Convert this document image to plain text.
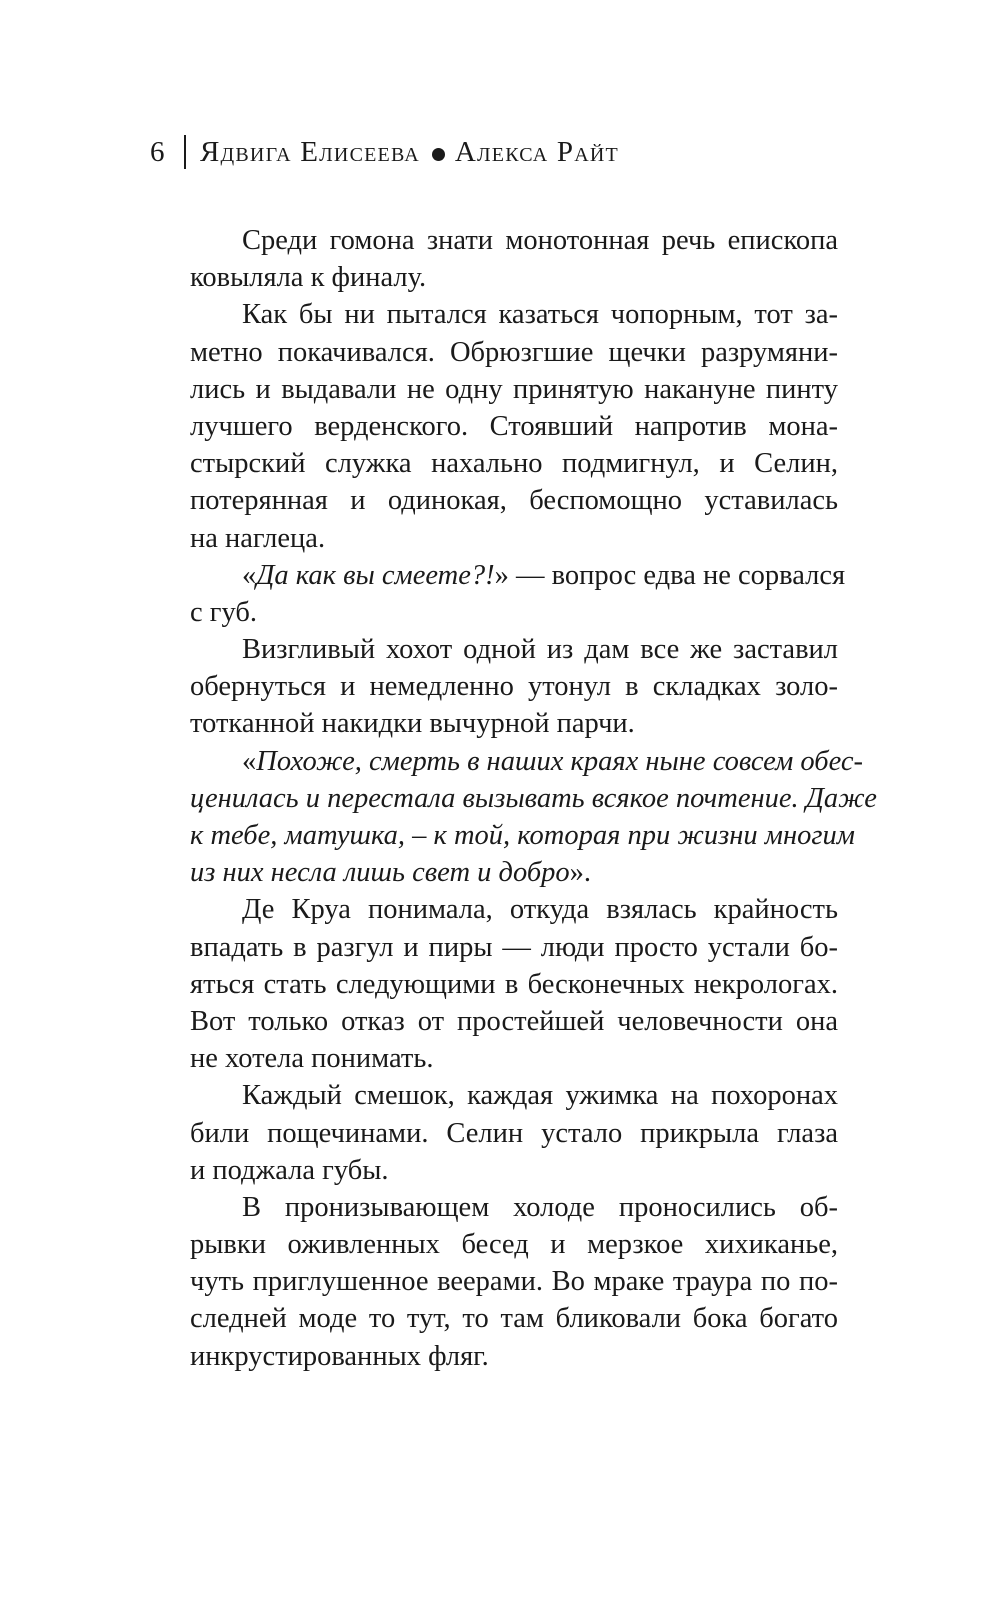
6	Ядвига Елисеева Алекса Райт
Среди гомона знати монотонная речь епископа
ковыляла к финалу.
Как бы ни пытался казаться чопорным, тот за-
метно покачивался. Обрюзгшие щечки разрумяни-
лись и выдавали не одну принятую накануне пинту
лучшего верденского. Стоявший напротив мона-
стырский служка нахально подмигнул, и Селин,
потерянная и одинокая, беспомощно уставилась
на наглеца.
«Да как вы смеете?!» — вопрос едва не сорвался
с губ.
Визгливый хохот одной из дам все же заставил
обернуться и немедленно утонул в складках золо-
тотканной накидки вычурной парчи.
«Похоже, смерть в наших краях ныне совсем обес-
ценилась и перестала вызывать всякое почтение. Даже
к тебе, матушка, – к той, которая при жизни многим
из них несла лишь свет и добро».
Де Круа понимала, откуда взялась крайность
впадать в разгул и пиры — люди просто устали бо-
яться стать следующими в бесконечных некрологах.
Вот только отказ от простейшей человечности она
не хотела понимать.
Каждый смешок, каждая ужимка на похоронах
били пощечинами. Селин устало прикрыла глаза
и поджала губы.
В пронизывающем холоде проносились об-
рывки оживленных бесед и мерзкое хихиканье,
чуть приглушенное веерами. Во мраке траура по по-
следней моде то тут, то там бликовали бока богато
инкрустированных фляг.
